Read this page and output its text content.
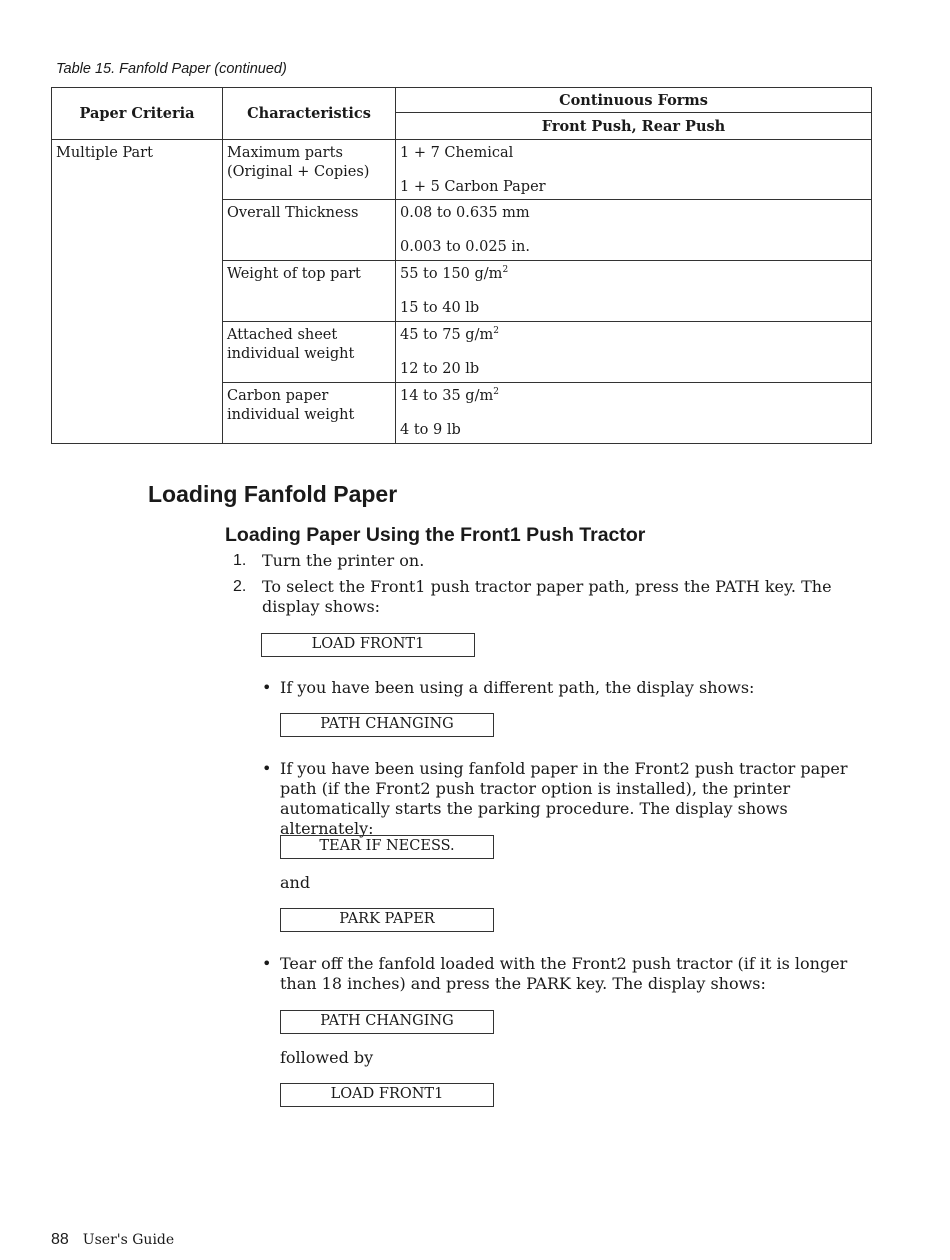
Table 15. Fanfold Paper (continued)
Paper Criteria	Characteristics	Continuous Forms
		Front Push, Rear Push

Multiple Part	Maximum parts (Original + Copies)	1 + 7 Chemical

1 + 5 Carbon Paper

	Overall Thickness	0.08 to 0.635 mm

0.003 to 0.025 in.

	Weight of top part	55 to 150 $g/m^2$

15 to 40 lb

	Attached sheet individual weight	45 to 75 $g/m^2$

12 to 20 lb

	Carbon paper individual weight	14 to 35 $g/m^2$

4 to 9 lb

Loading Fanfold Paper
Loading Paper Using the Front1 Push Tractor
1. Turn the printer on.
2. To select the Front1 push tractor paper path, press the PATH key. The display shows:
LOAD FRONT1
• If you have been using a different path, the display shows:
PATH CHANGING
• If you have been using fanfold paper in the Front2 push tractor paper path (if the Front2 push tractor option is installed), the printer automatically starts the parking procedure. The display shows alternately:
TEAR IF NECESS.
and
PARK PAPER
• Tear off the fanfold loaded with the Front2 push tractor (if it is longer than 18 inches) and press the PARK key. The display shows:
PATH CHANGING
followed by
LOAD FRONT1
88 User's Guide
